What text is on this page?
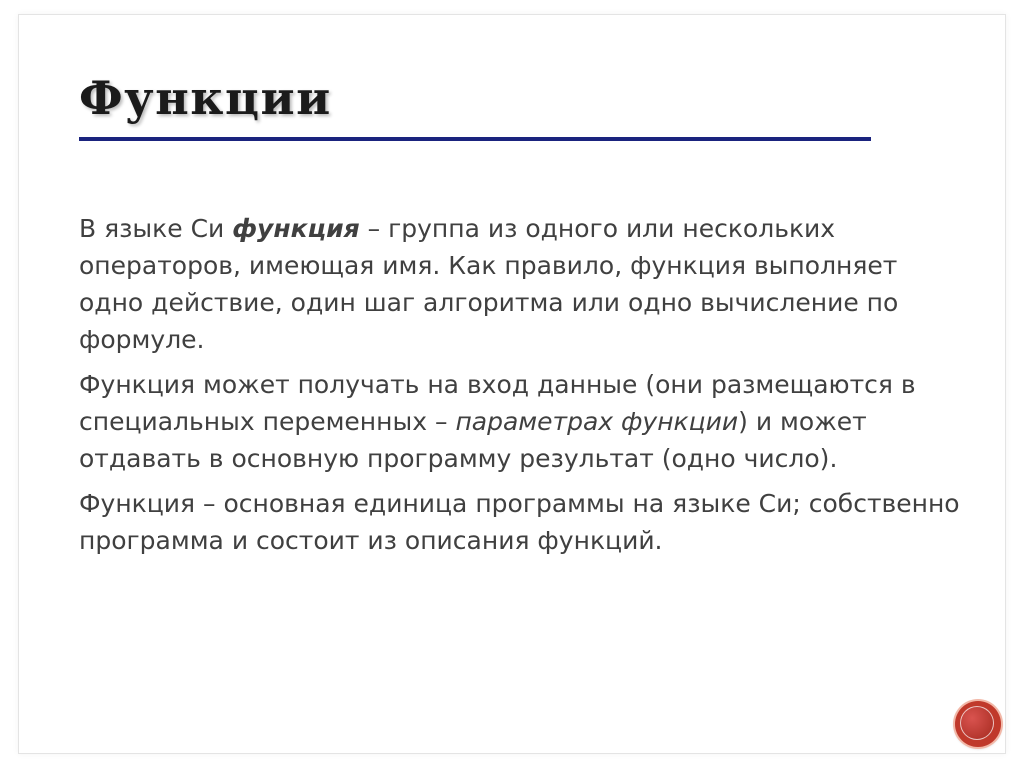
Функции

В языке Си функция – группа из одного или нескольких операторов, имеющая имя. Как правило, функция выполняет одно действие, один шаг алгоритма или одно вычисление по формуле.

Функция может получать на вход данные (они размещаются в специальных переменных – параметрах функции) и может отдавать в основную программу результат (одно число).

Функция – основная единица программы на языке Си; собственно программа и состоит из описания функций.
